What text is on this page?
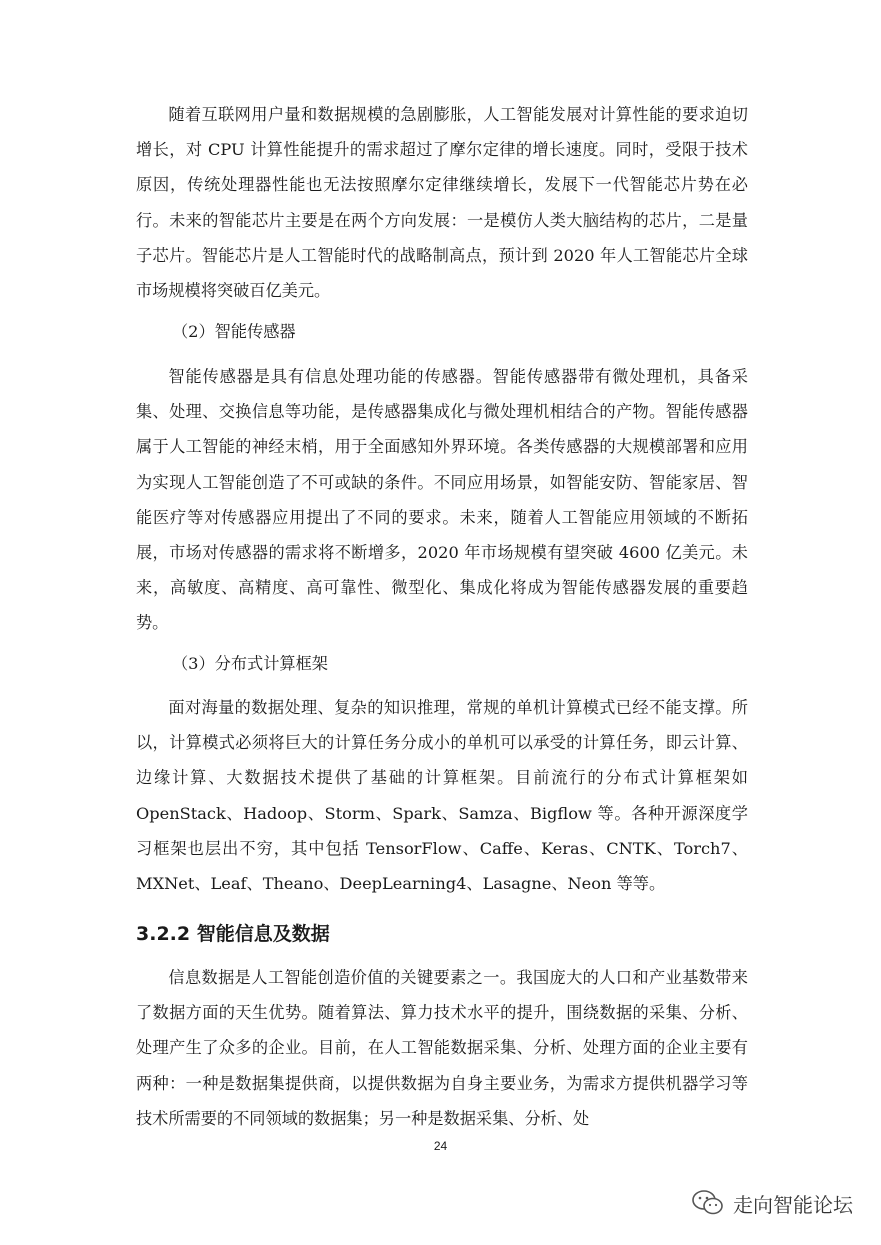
随着互联网用户量和数据规模的急剧膨胀，人工智能发展对计算性能的要求迫切增长，对 CPU 计算性能提升的需求超过了摩尔定律的增长速度。同时，受限于技术原因，传统处理器性能也无法按照摩尔定律继续增长，发展下一代智能芯片势在必行。未来的智能芯片主要是在两个方向发展：一是模仿人类大脑结构的芯片，二是量子芯片。智能芯片是人工智能时代的战略制高点，预计到 2020 年人工智能芯片全球市场规模将突破百亿美元。

（2）智能传感器

智能传感器是具有信息处理功能的传感器。智能传感器带有微处理机，具备采集、处理、交换信息等功能，是传感器集成化与微处理机相结合的产物。智能传感器属于人工智能的神经末梢，用于全面感知外界环境。各类传感器的大规模部署和应用为实现人工智能创造了不可或缺的条件。不同应用场景，如智能安防、智能家居、智能医疗等对传感器应用提出了不同的要求。未来，随着人工智能应用领域的不断拓展，市场对传感器的需求将不断增多，2020 年市场规模有望突破 4600 亿美元。未来，高敏度、高精度、高可靠性、微型化、集成化将成为智能传感器发展的重要趋势。

（3）分布式计算框架

面对海量的数据处理、复杂的知识推理，常规的单机计算模式已经不能支撑。所以，计算模式必须将巨大的计算任务分成小的单机可以承受的计算任务，即云计算、边缘计算、大数据技术提供了基础的计算框架。目前流行的分布式计算框架如 OpenStack、Hadoop、Storm、Spark、Samza、Bigflow 等。各种开源深度学习框架也层出不穷，其中包括 TensorFlow、Caffe、Keras、CNTK、Torch7、MXNet、Leaf、Theano、DeepLearning4、Lasagne、Neon 等等。

3.2.2 智能信息及数据

信息数据是人工智能创造价值的关键要素之一。我国庞大的人口和产业基数带来了数据方面的天生优势。随着算法、算力技术水平的提升，围绕数据的采集、分析、处理产生了众多的企业。目前，在人工智能数据采集、分析、处理方面的企业主要有两种：一种是数据集提供商，以提供数据为自身主要业务，为需求方提供机器学习等技术所需要的不同领域的数据集；另一种是数据采集、分析、处

24
走向智能论坛
